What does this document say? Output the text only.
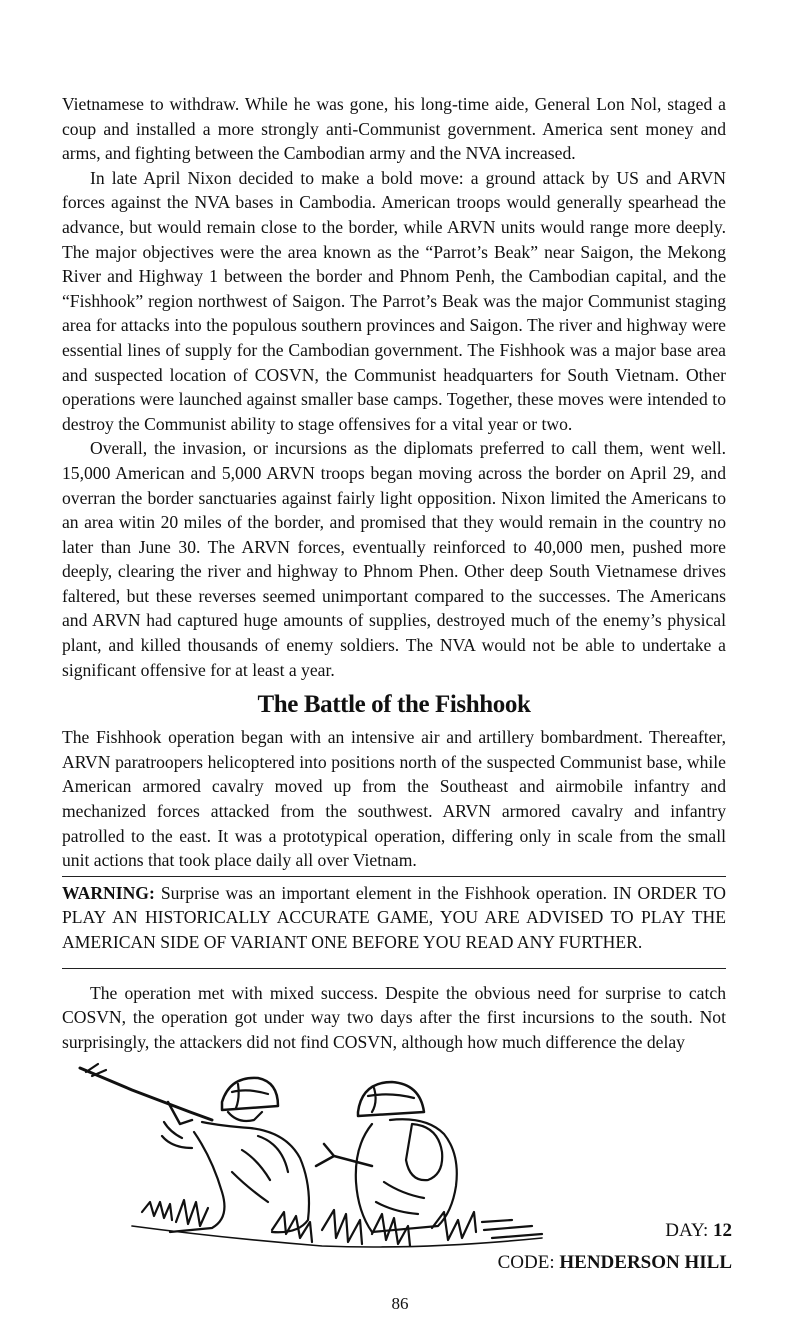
Vietnamese to withdraw. While he was gone, his long-time aide, General Lon Nol, staged a coup and installed a more strongly anti-Communist government. America sent money and arms, and fighting between the Cambodian army and the NVA increased.

In late April Nixon decided to make a bold move: a ground attack by US and ARVN forces against the NVA bases in Cambodia. American troops would generally spearhead the advance, but would remain close to the border, while ARVN units would range more deeply. The major objectives were the area known as the “Parrot’s Beak” near Saigon, the Mekong River and Highway 1 between the border and Phnom Penh, the Cambodian capital, and the “Fishhook” region northwest of Saigon. The Parrot’s Beak was the major Communist staging area for attacks into the populous southern provinces and Saigon. The river and highway were essential lines of supply for the Cambodian government. The Fishhook was a major base area and suspected location of COSVN, the Communist headquarters for South Vietnam. Other operations were launched against smaller base camps. Together, these moves were intended to destroy the Communist ability to stage offensives for a vital year or two.

Overall, the invasion, or incursions as the diplomats preferred to call them, went well. 15,000 American and 5,000 ARVN troops began moving across the border on April 29, and overran the border sanctuaries against fairly light opposition. Nixon limited the Americans to an area witin 20 miles of the border, and promised that they would remain in the country no later than June 30. The ARVN forces, eventually reinforced to 40,000 men, pushed more deeply, clearing the river and highway to Phnom Phen. Other deep South Vietnamese drives faltered, but these reverses seemed unimportant compared to the successes. The Americans and ARVN had captured huge amounts of supplies, destroyed much of the enemy’s physical plant, and killed thousands of enemy soldiers. The NVA would not be able to undertake a significant offensive for at least a year.

The Battle of the Fishhook

The Fishhook operation began with an intensive air and artillery bombardment. Thereafter, ARVN paratroopers helicoptered into positions north of the suspected Communist base, while American armored cavalry moved up from the Southeast and airmobile infantry and mechanized forces attacked from the southwest. ARVN armored cavalry and infantry patrolled to the east. It was a prototypical operation, differing only in scale from the small unit actions that took place daily all over Vietnam.

WARNING: Surprise was an important element in the Fishhook operation. IN ORDER TO PLAY AN HISTORICALLY ACCURATE GAME, YOU ARE ADVISED TO PLAY THE AMERICAN SIDE OF VARIANT ONE BEFORE YOU READ ANY FURTHER.

The operation met with mixed success. Despite the obvious need for surprise to catch COSVN, the operation got under way two days after the first incursions to the south. Not surprisingly, the attackers did not find COSVN, although how much difference the delay

DAY: 12
CODE: HENDERSON HILL
86
